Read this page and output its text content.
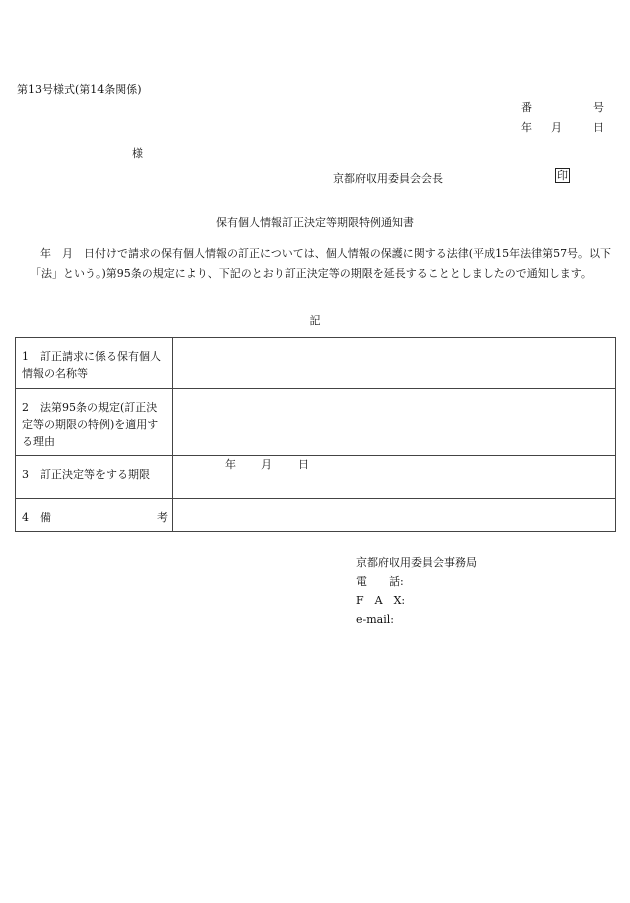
第13号様式(第14条関係)
番	号
年 月	日
様
京都府収用委員会会長	印
保有個人情報訂正決定等期限特例通知書
年　月　日付けで請求の保有個人情報の訂正については、個人情報の保護に関する法律(平成15年法律第57号。以下「法」という。)第95条の規定により、下記のとおり訂正決定等の期限を延長することとしましたので通知します。
記
1 訂正請求に係る保有個人情報の名称等	
2 法第95条の規定(訂正決定等の期限の特例)を適用する理由	
3 訂正決定等をする期限	年 月 日

4 備 考	

京都府収用委員会事務局
電　　話:
F　A　X:
e-mail:
